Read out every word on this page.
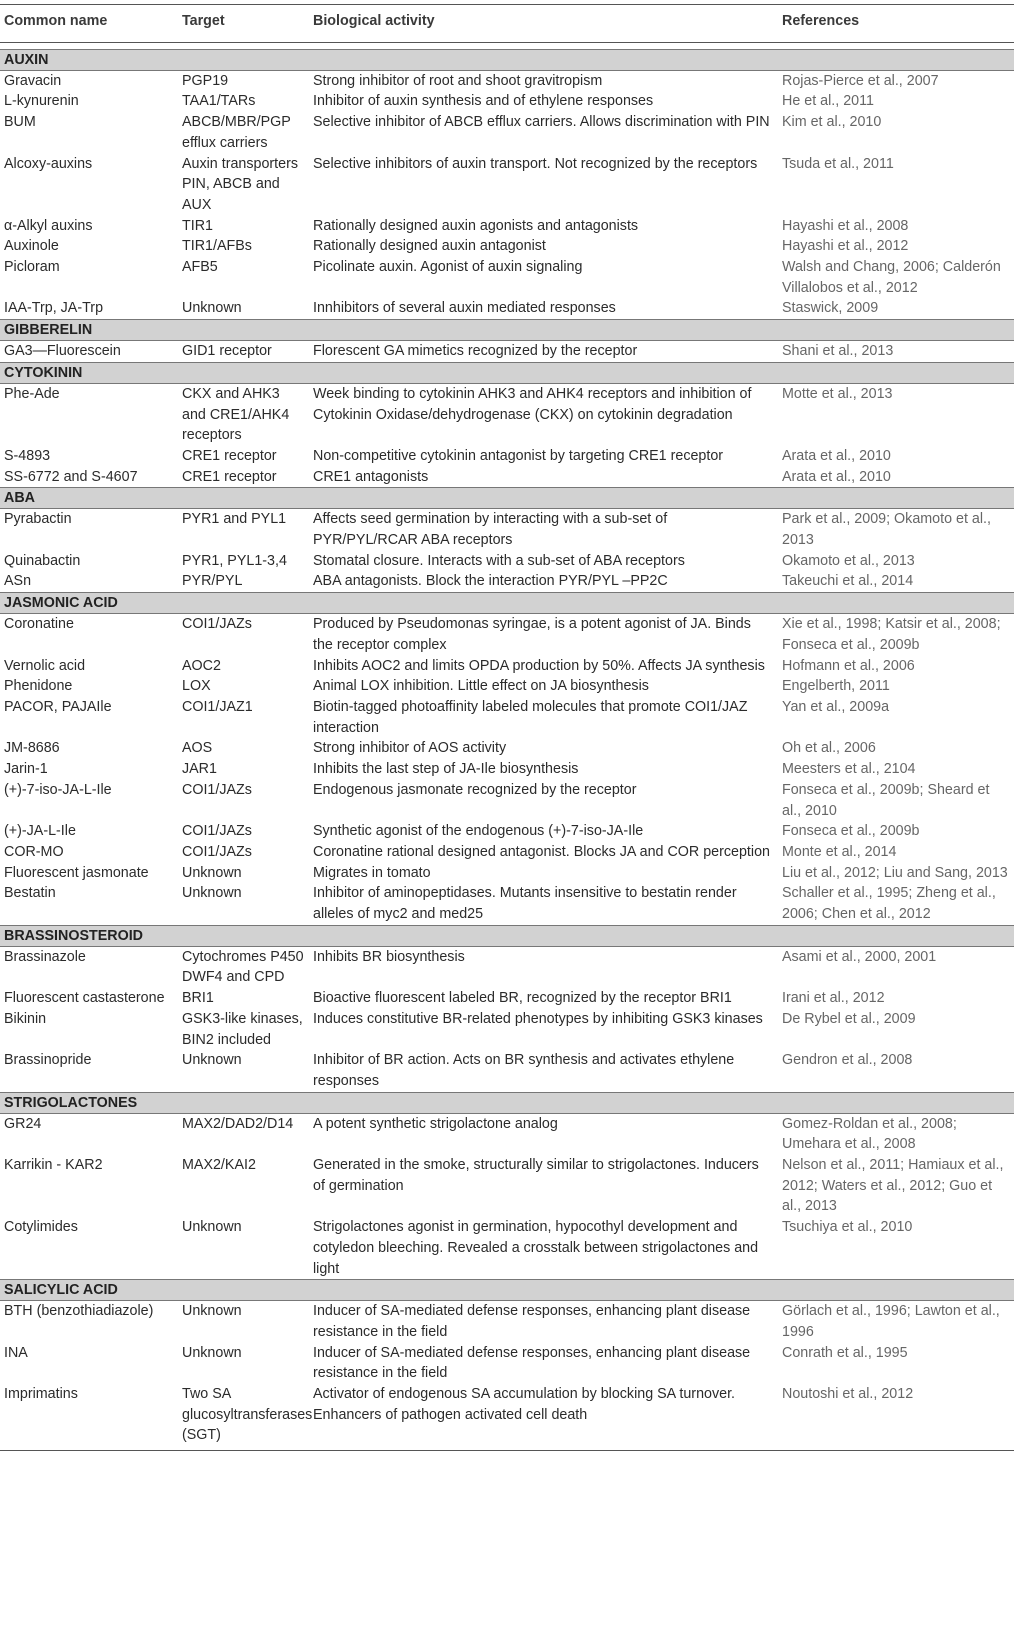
Common name	Target	Biological activity	References

AUXIN			
Gravacin	PGP19	Strong inhibitor of root and shoot gravitropism	Rojas-Pierce et al., 2007
L-kynurenin	TAA1/TARs	Inhibitor of auxin synthesis and of ethylene responses	He et al., 2011
BUM	ABCB/MBR/PGP efflux carriers	Selective inhibitor of ABCB efflux carriers. Allows discrimination with PIN	Kim et al., 2010
Alcoxy-auxins	Auxin transporters PIN, ABCB and AUX	Selective inhibitors of auxin transport. Not recognized by the receptors	Tsuda et al., 2011
α-Alkyl auxins	TIR1	Rationally designed auxin agonists and antagonists	Hayashi et al., 2008
Auxinole	TIR1/AFBs	Rationally designed auxin antagonist	Hayashi et al., 2012
Picloram	AFB5	Picolinate auxin. Agonist of auxin signaling	Walsh and Chang, 2006; Calderón Villalobos et al., 2012
IAA-Trp, JA-Trp	Unknown	Innhibitors of several auxin mediated responses	Staswick, 2009
GIBBERELIN			
GA3—Fluorescein	GID1 receptor	Florescent GA mimetics recognized by the receptor	Shani et al., 2013
CYTOKININ			
Phe-Ade	CKX and AHK3 and CRE1/AHK4 receptors	Week binding to cytokinin AHK3 and AHK4 receptors and inhibition of Cytokinin Oxidase/dehydrogenase (CKX) on cytokinin degradation	Motte et al., 2013
S-4893	CRE1 receptor	Non-competitive cytokinin antagonist by targeting CRE1 receptor	Arata et al., 2010
SS-6772 and S-4607	CRE1 receptor	CRE1 antagonists	Arata et al., 2010
ABA			
Pyrabactin	PYR1 and PYL1	Affects seed germination by interacting with a sub-set of PYR/PYL/RCAR ABA receptors	Park et al., 2009; Okamoto et al., 2013
Quinabactin	PYR1, PYL1-3,4	Stomatal closure. Interacts with a sub-set of ABA receptors	Okamoto et al., 2013
ASn	PYR/PYL	ABA antagonists. Block the interaction PYR/PYL –PP2C	Takeuchi et al., 2014
JASMONIC ACID			
Coronatine	COI1/JAZs	Produced by Pseudomonas syringae, is a potent agonist of JA. Binds the receptor complex	Xie et al., 1998; Katsir et al., 2008; Fonseca et al., 2009b
Vernolic acid	AOC2	Inhibits AOC2 and limits OPDA production by 50%. Affects JA synthesis	Hofmann et al., 2006
Phenidone	LOX	Animal LOX inhibition. Little effect on JA biosynthesis	Engelberth, 2011
PACOR, PAJAIle	COI1/JAZ1	Biotin-tagged photoaffinity labeled molecules that promote COI1/JAZ interaction	Yan et al., 2009a
JM-8686	AOS	Strong inhibitor of AOS activity	Oh et al., 2006
Jarin-1	JAR1	Inhibits the last step of JA-Ile biosynthesis	Meesters et al., 2104
(+)-7-iso-JA-L-Ile	COI1/JAZs	Endogenous jasmonate recognized by the receptor	Fonseca et al., 2009b; Sheard et al., 2010
(+)-JA-L-Ile	COI1/JAZs	Synthetic agonist of the endogenous (+)-7-iso-JA-Ile	Fonseca et al., 2009b
COR-MO	COI1/JAZs	Coronatine rational designed antagonist. Blocks JA and COR perception	Monte et al., 2014
Fluorescent jasmonate	Unknown	Migrates in tomato	Liu et al., 2012; Liu and Sang, 2013
Bestatin	Unknown	Inhibitor of aminopeptidases. Mutants insensitive to bestatin render alleles of myc2 and med25	Schaller et al., 1995; Zheng et al., 2006; Chen et al., 2012
BRASSINOSTEROID			
Brassinazole	Cytochromes P450 DWF4 and CPD	Inhibits BR biosynthesis	Asami et al., 2000, 2001
Fluorescent castasterone	BRI1	Bioactive fluorescent labeled BR, recognized by the receptor BRI1	Irani et al., 2012
Bikinin	GSK3-like kinases, BIN2 included	Induces constitutive BR-related phenotypes by inhibiting GSK3 kinases	De Rybel et al., 2009
Brassinopride	Unknown	Inhibitor of BR action. Acts on BR synthesis and activates ethylene responses	Gendron et al., 2008
STRIGOLACTONES			
GR24	MAX2/DAD2/D14	A potent synthetic strigolactone analog	Gomez-Roldan et al., 2008; Umehara et al., 2008
Karrikin - KAR2	MAX2/KAI2	Generated in the smoke, structurally similar to strigolactones. Inducers of germination	Nelson et al., 2011; Hamiaux et al., 2012; Waters et al., 2012; Guo et al., 2013
Cotylimides	Unknown	Strigolactones agonist in germination, hypocothyl development and cotyledon bleeching. Revealed a crosstalk between strigolactones and light	Tsuchiya et al., 2010
SALICYLIC ACID			
BTH (benzothiadiazole)	Unknown	Inducer of SA-mediated defense responses, enhancing plant disease resistance in the field	Görlach et al., 1996; Lawton et al., 1996
INA	Unknown	Inducer of SA-mediated defense responses, enhancing plant disease resistance in the field	Conrath et al., 1995
Imprimatins	Two SA glucosyltransferases (SGT)	Activator of endogenous SA accumulation by blocking SA turnover. Enhancers of pathogen activated cell death	Noutoshi et al., 2012
